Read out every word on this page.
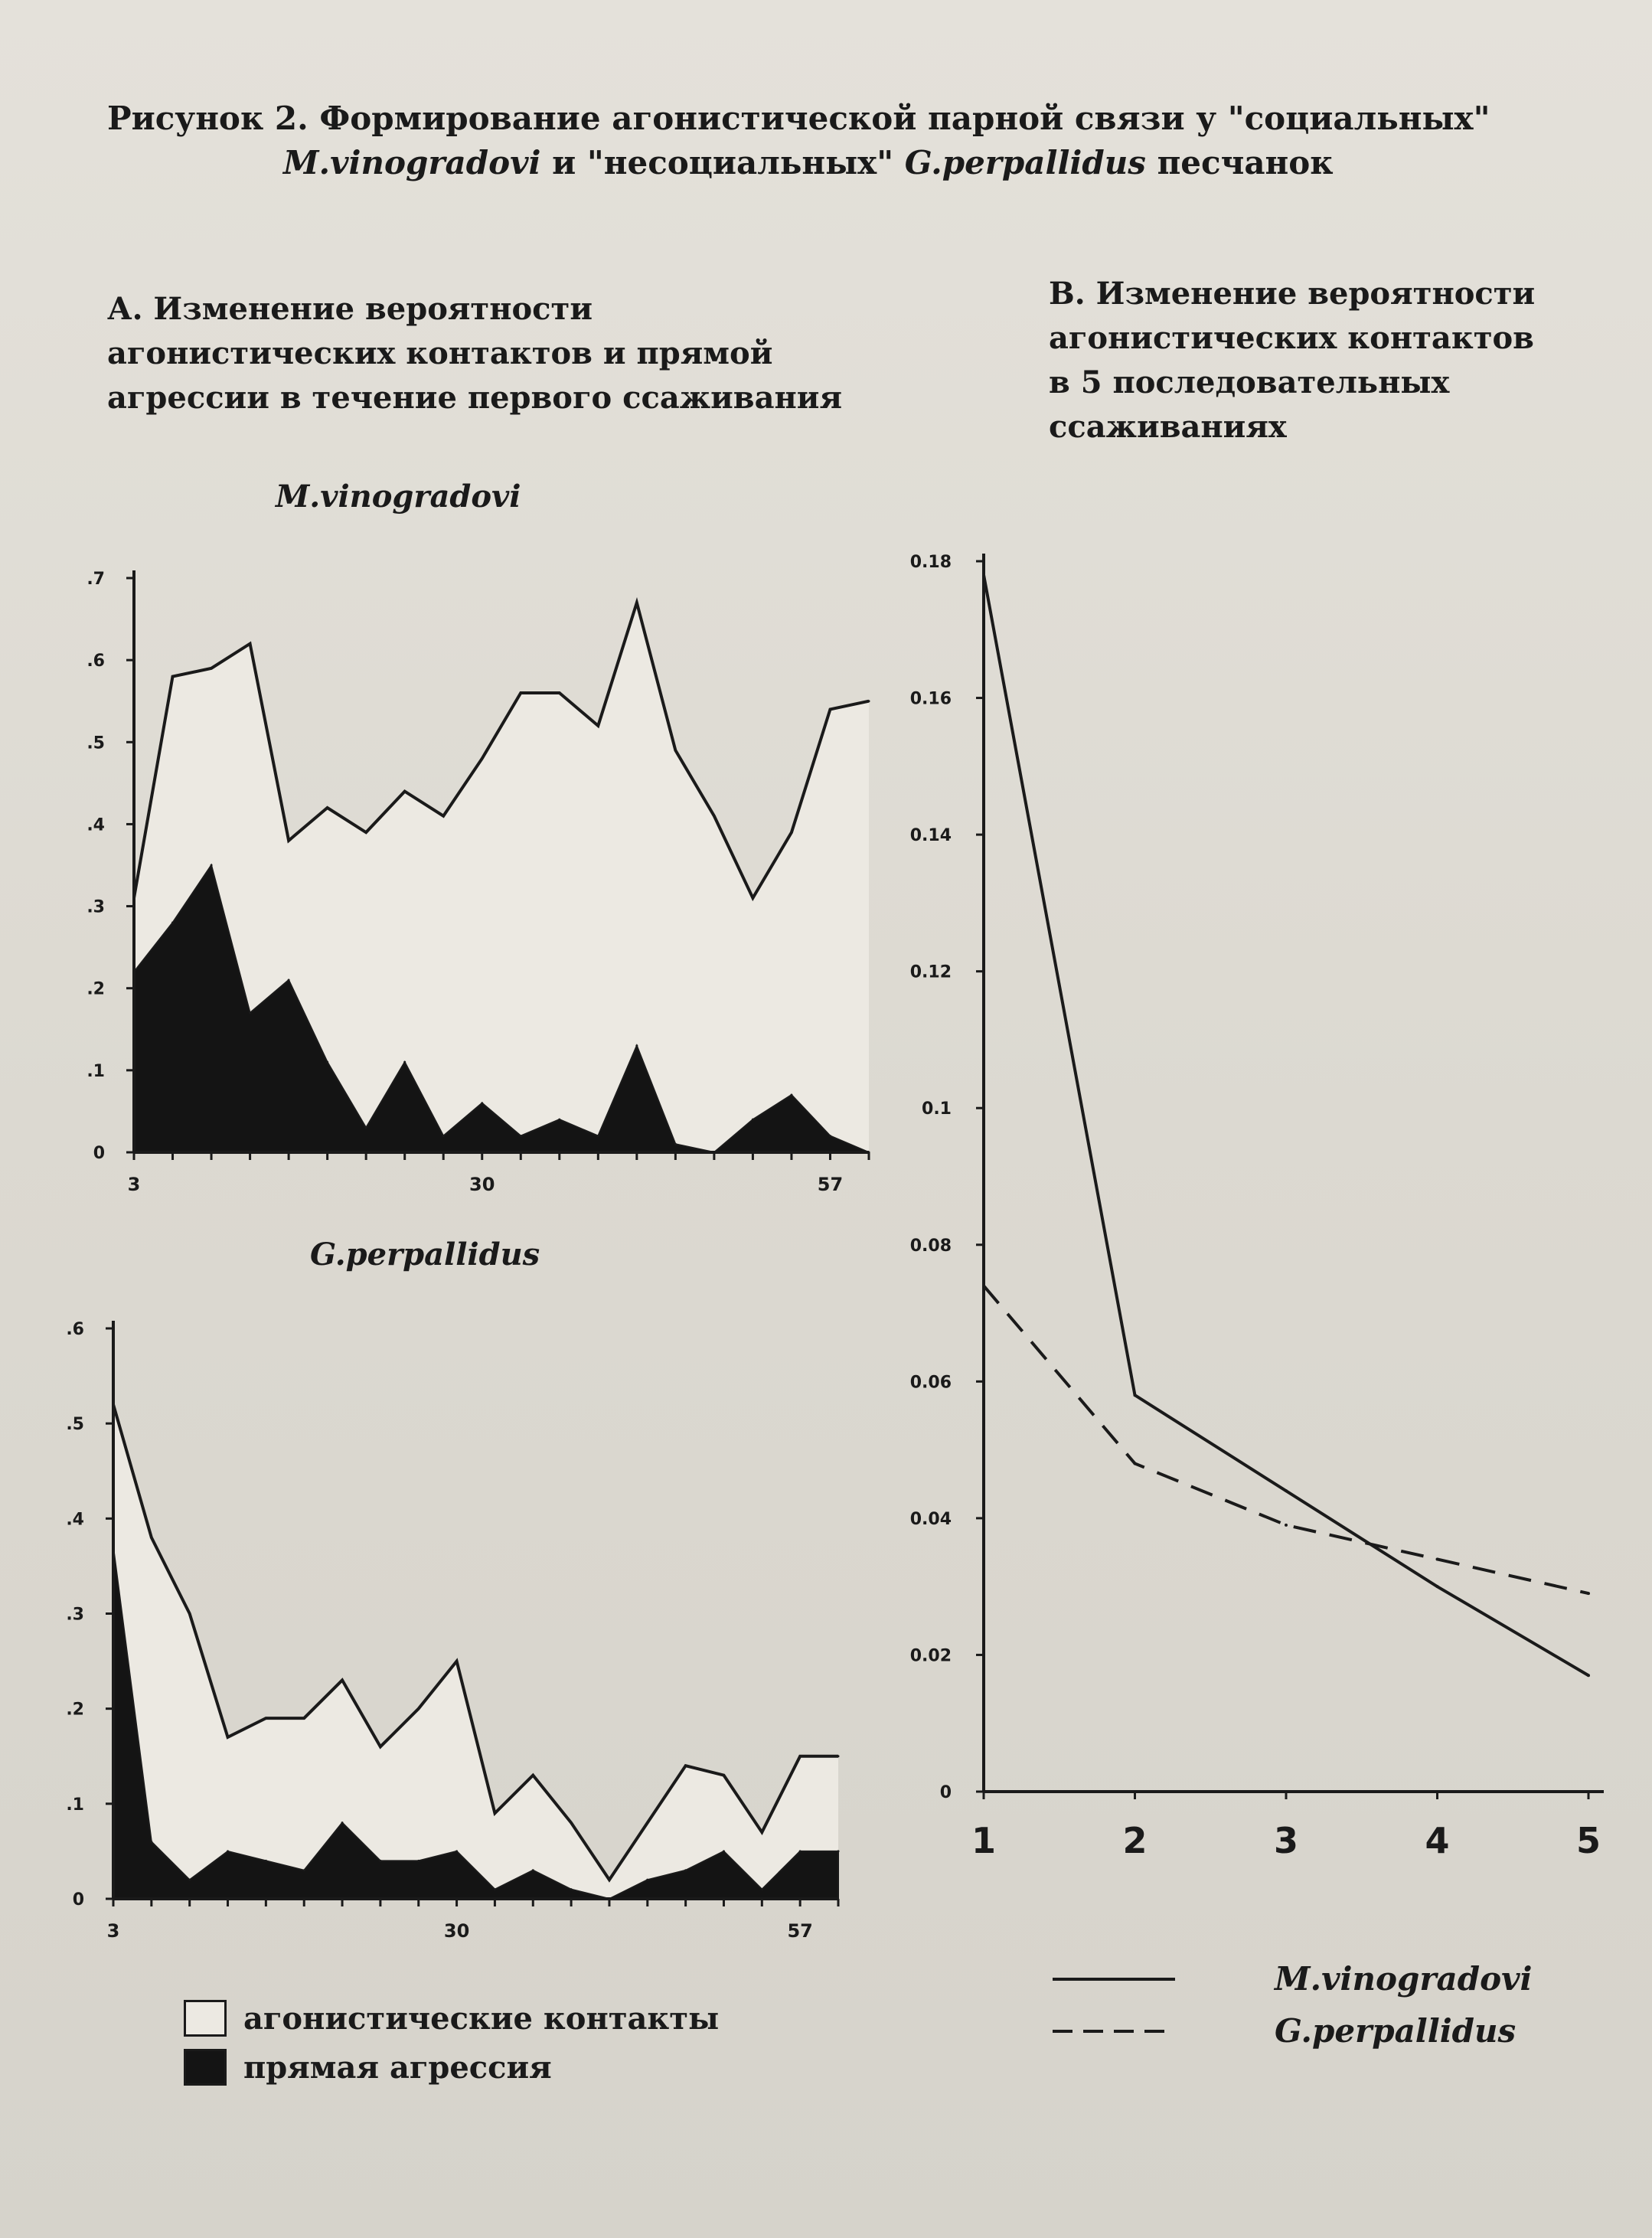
Рисунок 2. Формирование агонистической парной связи у "социальных"
M.vinogradovi и "несоциальных" G.perpallidus песчанок
А. Изменение вероятности
агонистических контактов и прямой
агрессии в течение первого ссаживания
В. Изменение вероятности
агонистических контактов
в 5 последовательных
ссаживаниях
M.vinogradovi
G.perpallidus
.7
.6
.5
.4
.3
.2
.1
0
3	30	57
.6
.5
.4
.3
.2
.1
0
3	30	57
0.18
0.16
0.14
0.12
0.1
0.08
0.06
0.04
0.02
0
1	2	3	4	5
агонистические контакты
прямая агрессия
M.vinogradovi
G.perpallidus
